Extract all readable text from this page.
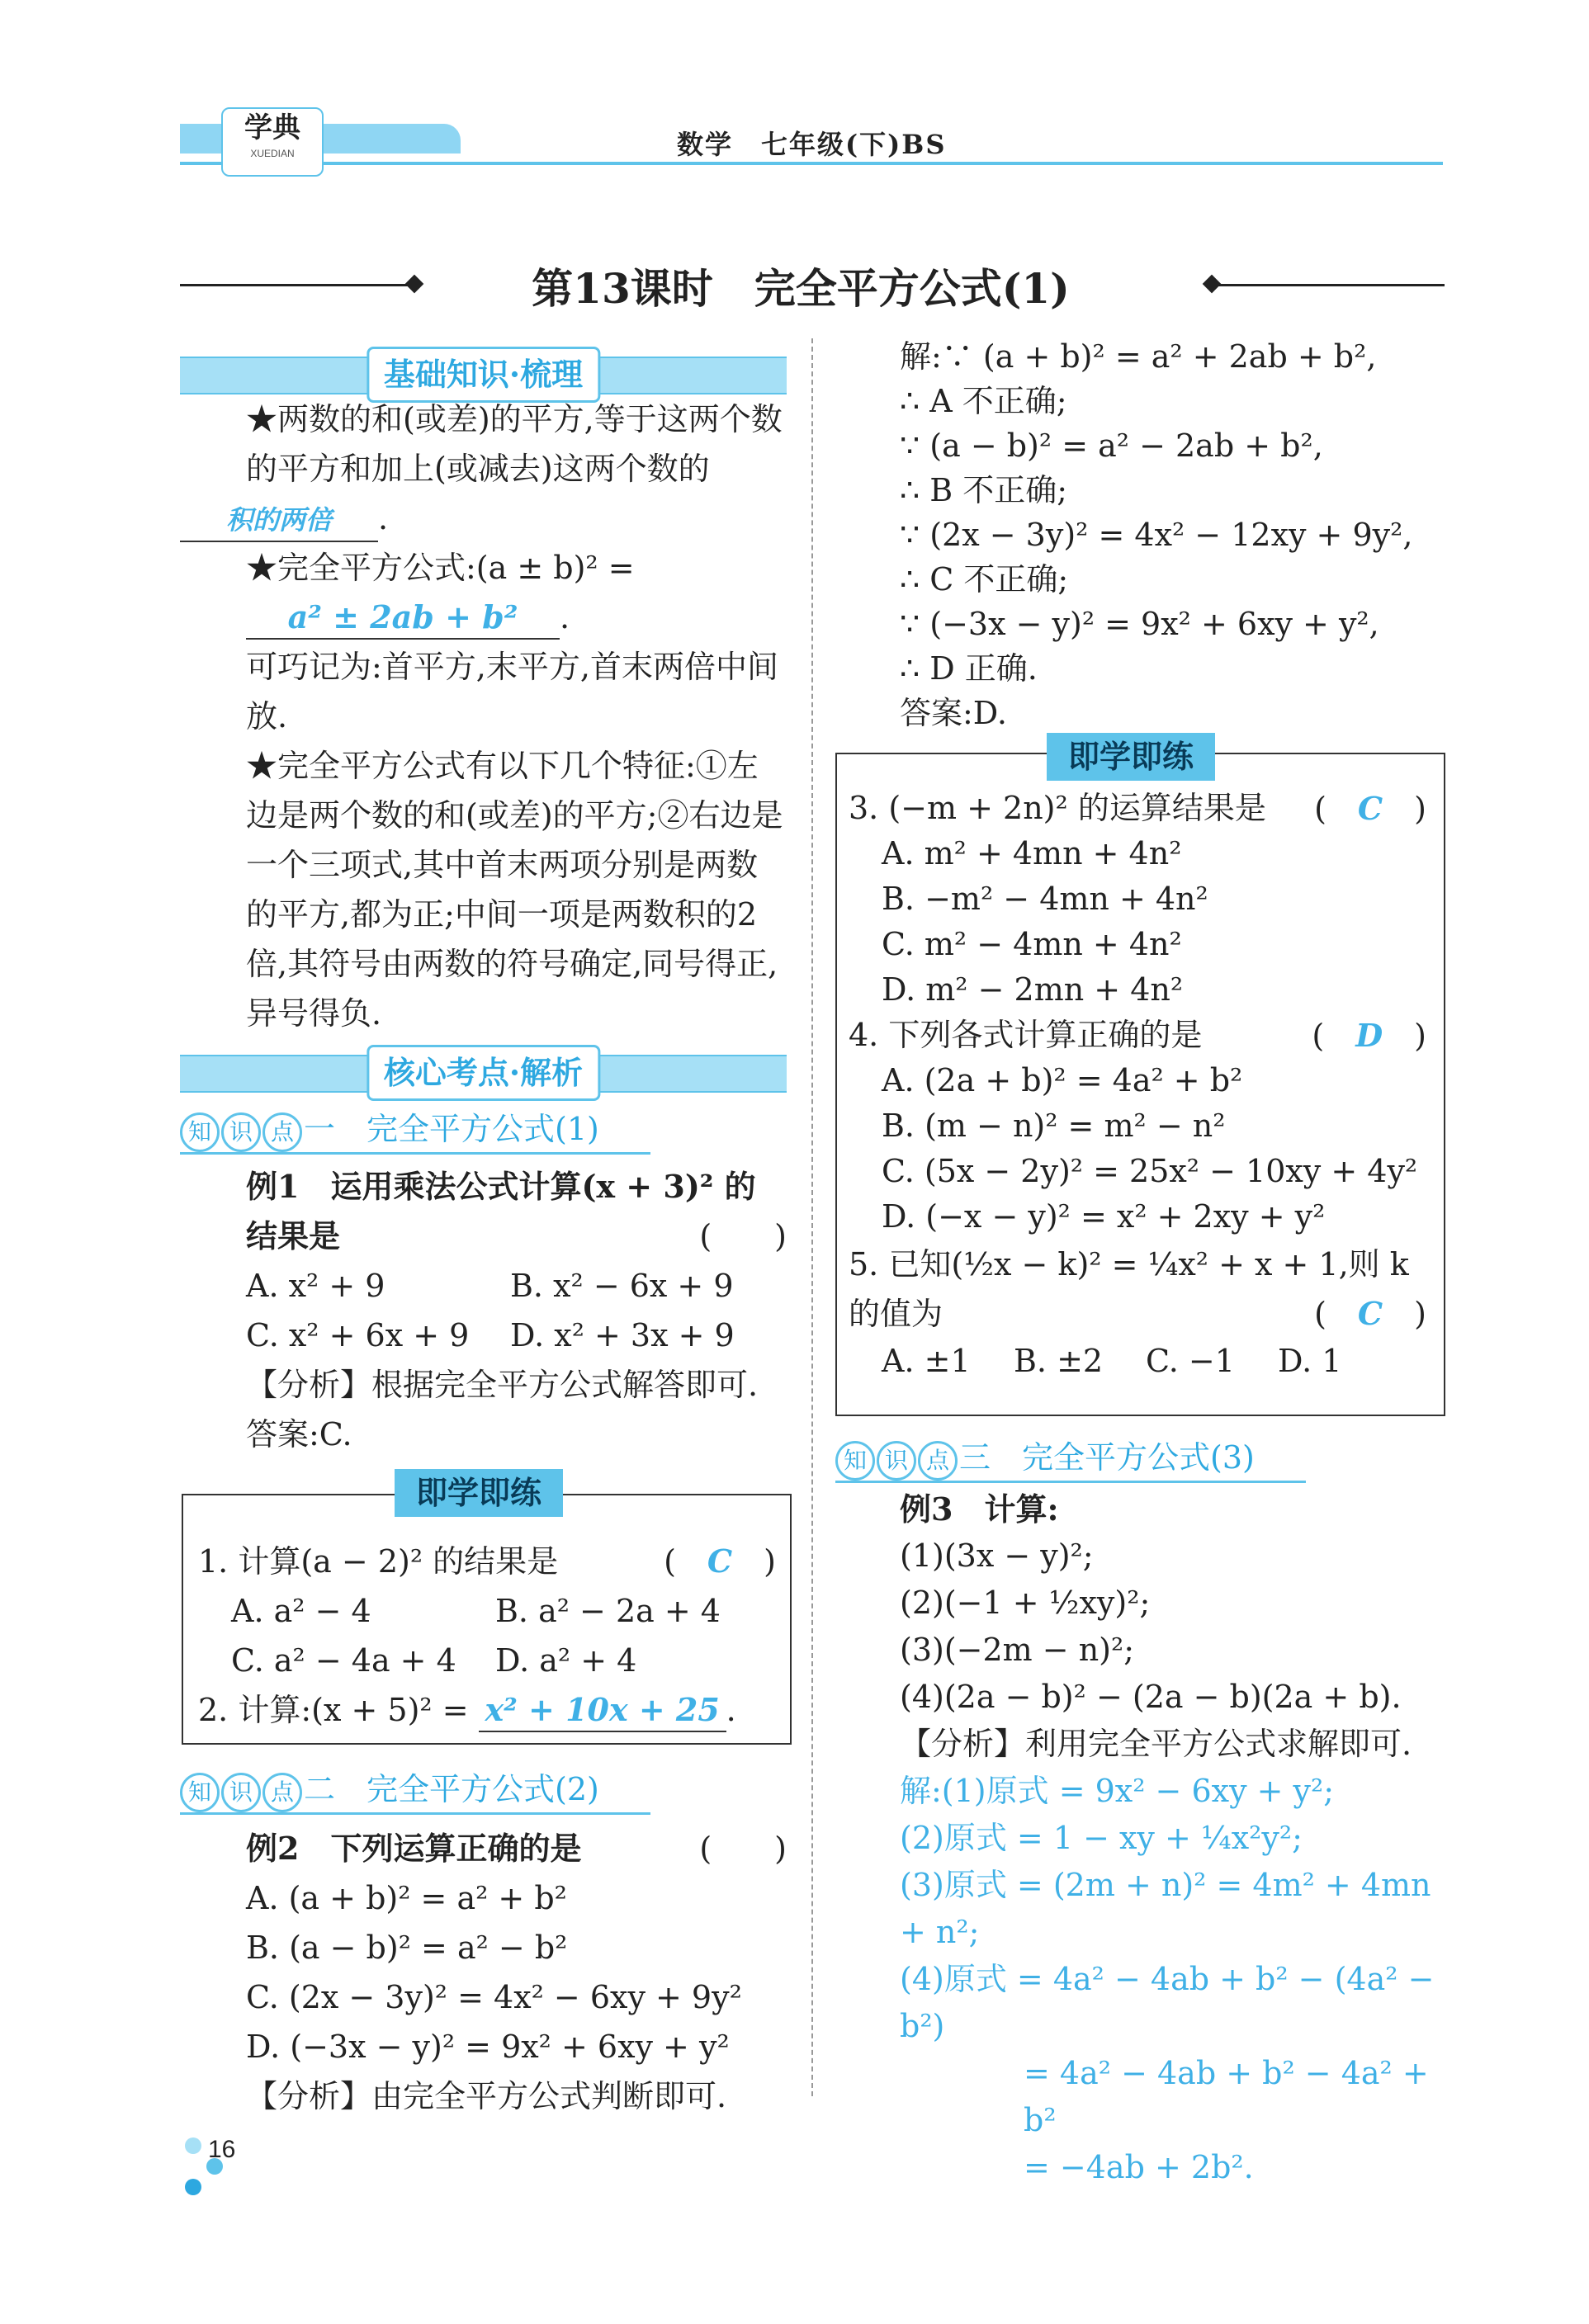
学典
XUEDIAN	数学　七年级(下)BS
第13课时　完全平方公式(1)
基础知识·梳理

★两数的和(或差)的平方,等于这两个数的平方和加上(或减去)这两个数的

积的两倍 .

★完全平方公式:(a ± b)² = a² ± 2ab + b² .

可巧记为:首平方,末平方,首末两倍中间放.

★完全平方公式有以下几个特征:①左边是两个数的和(或差)的平方;②右边是一个三项式,其中首末两项分别是两数的平方,都为正;中间一项是两数积的2倍,其符号由两数的符号确定,同号得正,异号得负.

核心考点·解析
知 识 点 一　 完全平方公式(1)

例1　运用乘法公式计算(x + 3)² 的结果是	(　　)

A. x² + 9	B. x² − 6x + 9
C. x² + 6x + 9	D. x² + 3x + 9

【分析】根据完全平方公式解答即可.

答案:C.

即学即练

1. 计算(a − 2)² 的结果是	(　C　)

A. a² − 4	B. a² − 2a + 4
C. a² − 4a + 4	D. a² + 4

2. 计算:(x + 5)² = x² + 10x + 25 .

知 识 点 二　 完全平方公式(2)

例2　下列运算正确的是	(　　)

A. (a + b)² = a² + b²

B. (a − b)² = a² − b²

C. (2x − 3y)² = 4x² − 6xy + 9y²

D. (−3x − y)² = 9x² + 6xy + y²

【分析】由完全平方公式判断即可.

16

解:∵ (a + b)² = a² + 2ab + b²,

∴ A 不正确;

∵ (a − b)² = a² − 2ab + b²,

∴ B 不正确;

∵ (2x − 3y)² = 4x² − 12xy + 9y²,

∴ C 不正确;

∵ (−3x − y)² = 9x² + 6xy + y²,

∴ D 正确.

答案:D.

即学即练

3. (−m + 2n)² 的运算结果是 (　C　)

A. m² + 4mn + 4n²

B. −m² − 4mn + 4n²

C. m² − 4mn + 4n²

D. m² − 2mn + 4n²

4. 下列各式计算正确的是	(　D　)

A. (2a + b)² = 4a² + b²

B. (m − n)² = m² − n²

C. (5x − 2y)² = 25x² − 10xy + 4y²

D. (−x − y)² = x² + 2xy + y²

5. 已知(½x − k)² = ¼x² + x + 1,则 k 的值为	(　C　)

A. ±1	B. ±2	C. −1	D. 1
知 识 点 三　 完全平方公式(3)

例3　计算:

(1)(3x − y)²;

(2)(−1 + ½xy)²;

(3)(−2m − n)²;

(4)(2a − b)² − (2a − b)(2a + b).

【分析】利用完全平方公式求解即可.

解:(1)原式 = 9x² − 6xy + y²;

(2)原式 = 1 − xy + ¼x²y²;

(3)原式 = (2m + n)² = 4m² + 4mn + n²;

(4)原式 = 4a² − 4ab + b² − (4a² − b²)

= 4a² − 4ab + b² − 4a² + b²

= −4ab + 2b².
